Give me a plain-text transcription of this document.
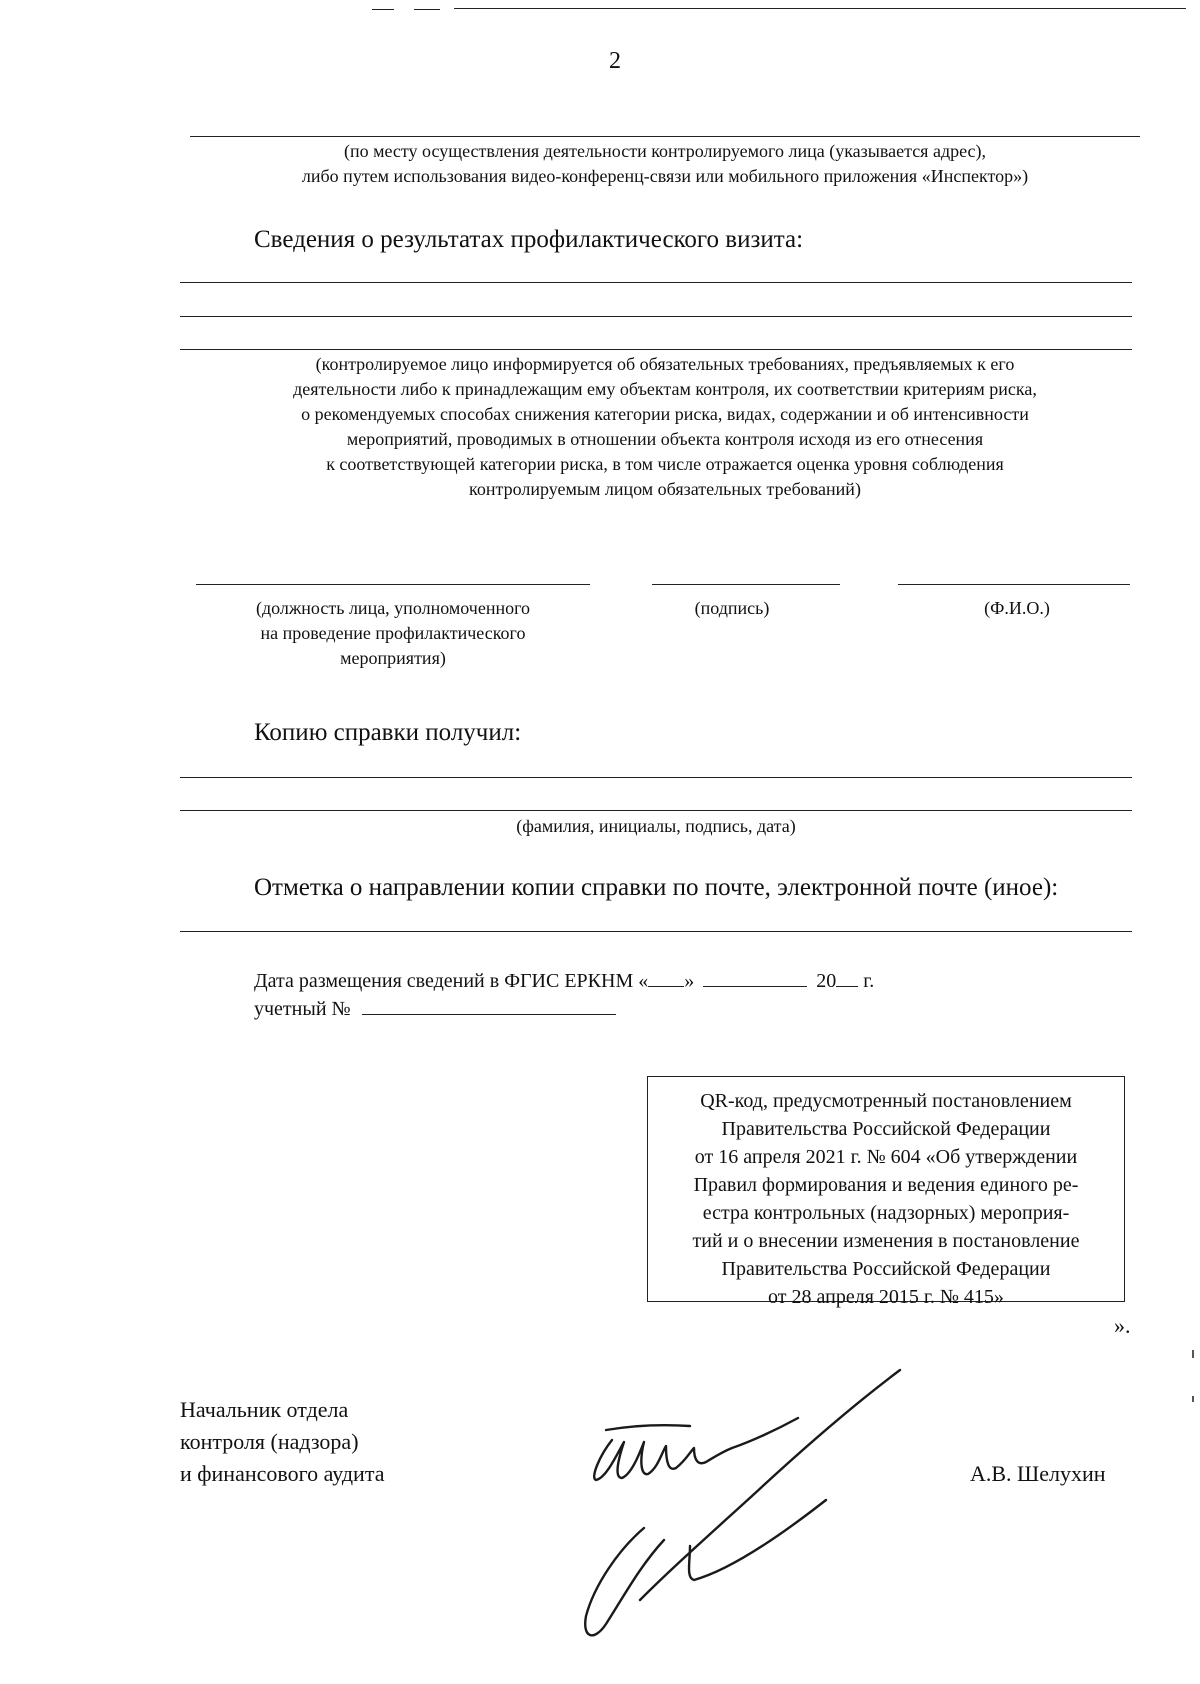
2
(по месту осуществления деятельности контролируемого лица (указывается адрес),
либо путем использования видео-конференц-связи или мобильного приложения «Инспектор»)
Сведения о результатах профилактического визита:
(контролируемое лицо информируется об обязательных требованиях, предъявляемых к его
деятельности либо к принадлежащим ему объектам контроля, их соответствии критериям риска,
о рекомендуемых способах снижения категории риска, видах, содержании и об интенсивности
мероприятий, проводимых в отношении объекта контроля исходя из его отнесения
к соответствующей категории риска, в том числе отражается оценка уровня соблюдения
контролируемым лицом обязательных требований)
(должность лица, уполномоченного
на проведение профилактического
мероприятия)
(подпись)	(Ф.И.О.)
Копию справки получил:
(фамилия, инициалы, подпись, дата)
Отметка о направлении копии справки по почте, электронной почте (иное):
Дата размещения сведений в ФГИС ЕРКНМ « »	20 г.
учетный №
QR-код, предусмотренный постановлением
Правительства Российской Федерации
от 16 апреля 2021 г. № 604 «Об утверждении
Правил формирования и ведения единого ре-
естра контрольных (надзорных) мероприя-
тий и о внесении изменения в постановление
Правительства Российской Федерации
от 28 апреля 2015 г. № 415»
».
Начальник отдела
контроля (надзора)
и финансового аудита	А.В. Шелухин
